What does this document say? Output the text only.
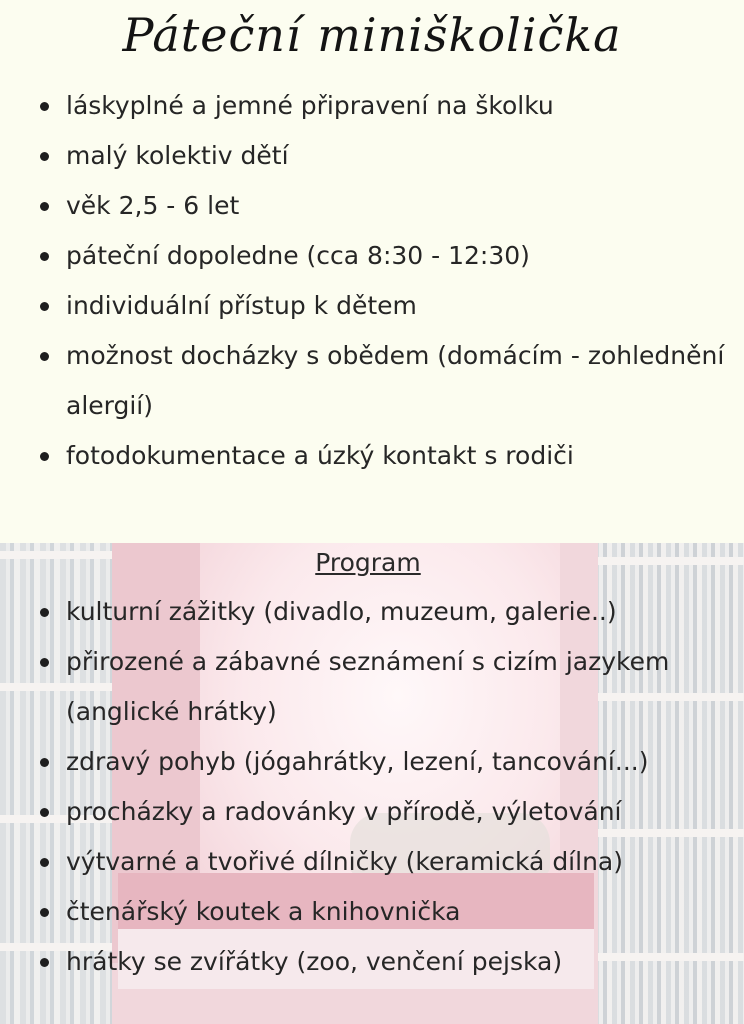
Páteční miniškolička
láskyplné a jemné připravení na školku
malý kolektiv dětí
věk 2,5 - 6 let
páteční dopoledne (cca 8:30 - 12:30)
individuální přístup k dětem
možnost docházky s obědem (domácím - zohlednění alergií)
fotodokumentace a úzký kontakt s rodiči
Program
kulturní zážitky (divadlo, muzeum, galerie..)
přirozené a zábavné seznámení s cizím jazykem (anglické hrátky)
zdravý pohyb (jógahrátky, lezení, tancování...)
procházky a radovánky v přírodě, výletování
výtvarné a tvořivé dílničky (keramická dílna)
čtenářský koutek a knihovnička
hrátky se zvířátky (zoo, venčení pejska)
